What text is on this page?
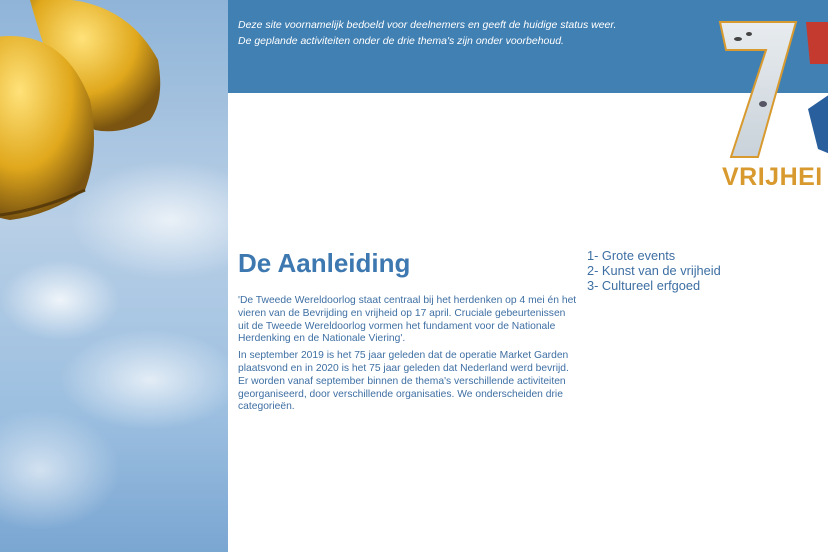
Deze site voornamelijk bedoeld voor deelnemers en geeft de huidige status weer.

De geplande activiteiten onder de drie thema's zijn onder voorbehoud.

VRIJHEI
De Aanleiding

'De Tweede Wereldoorlog staat centraal bij het herdenken op 4 mei én het vieren van de Bevrijding en vrijheid op 17 april. Cruciale gebeurtenissen uit de Tweede Wereldoorlog vormen het fundament voor de Nationale Herdenking en de Nationale Viering'.

In september 2019 is het 75 jaar geleden dat de operatie Market Garden plaatsvond en in 2020 is het 75 jaar geleden dat Nederland werd bevrijd.

Er worden vanaf september binnen de thema's verschillende activiteiten georganiseerd, door verschillende organisaties. We onderscheiden drie categorieën.

1- Grote events
2- Kunst van de vrijheid
3- Cultureel erfgoed
